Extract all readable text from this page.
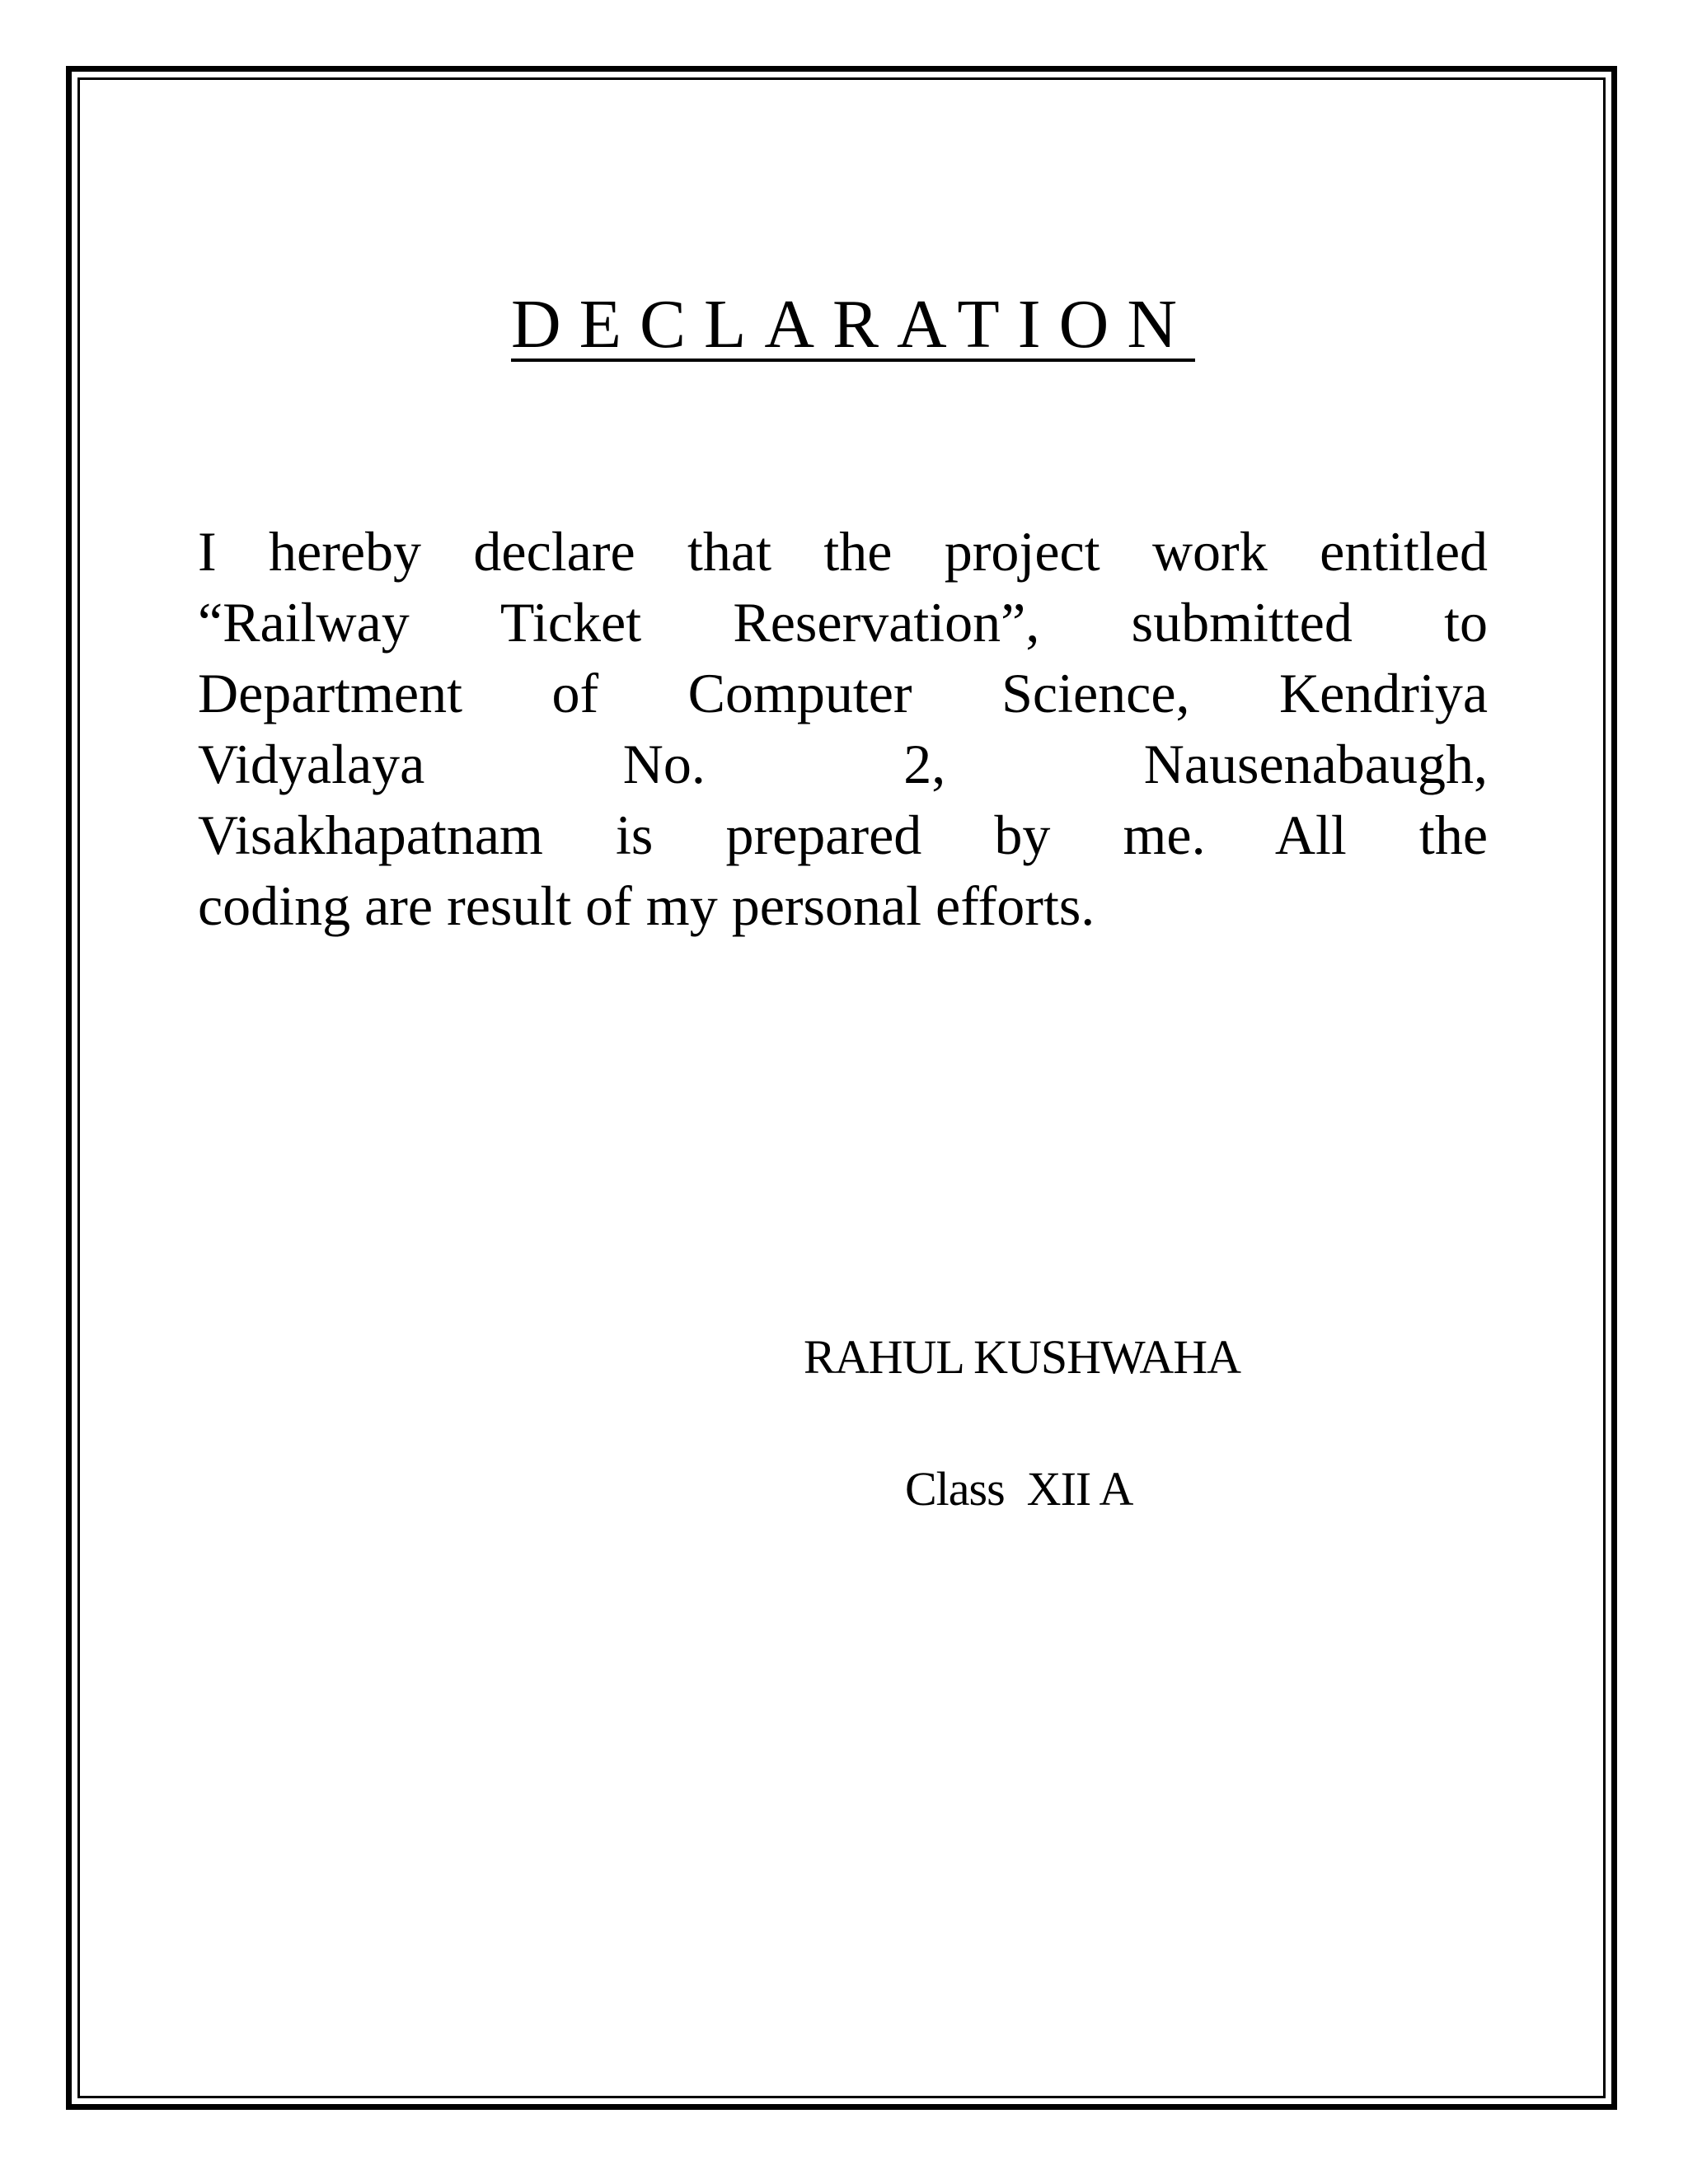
DECLARATION
I hereby declare that the project work entitled
“Railway Ticket Reservation”, submitted to
Department of Computer Science, Kendriya
Vidyalaya No. 2, Nausenabaugh,
Visakhapatnam is prepared by me. All the
coding are result of my personal efforts.
RAHUL KUSHWAHA
Class  XII A
